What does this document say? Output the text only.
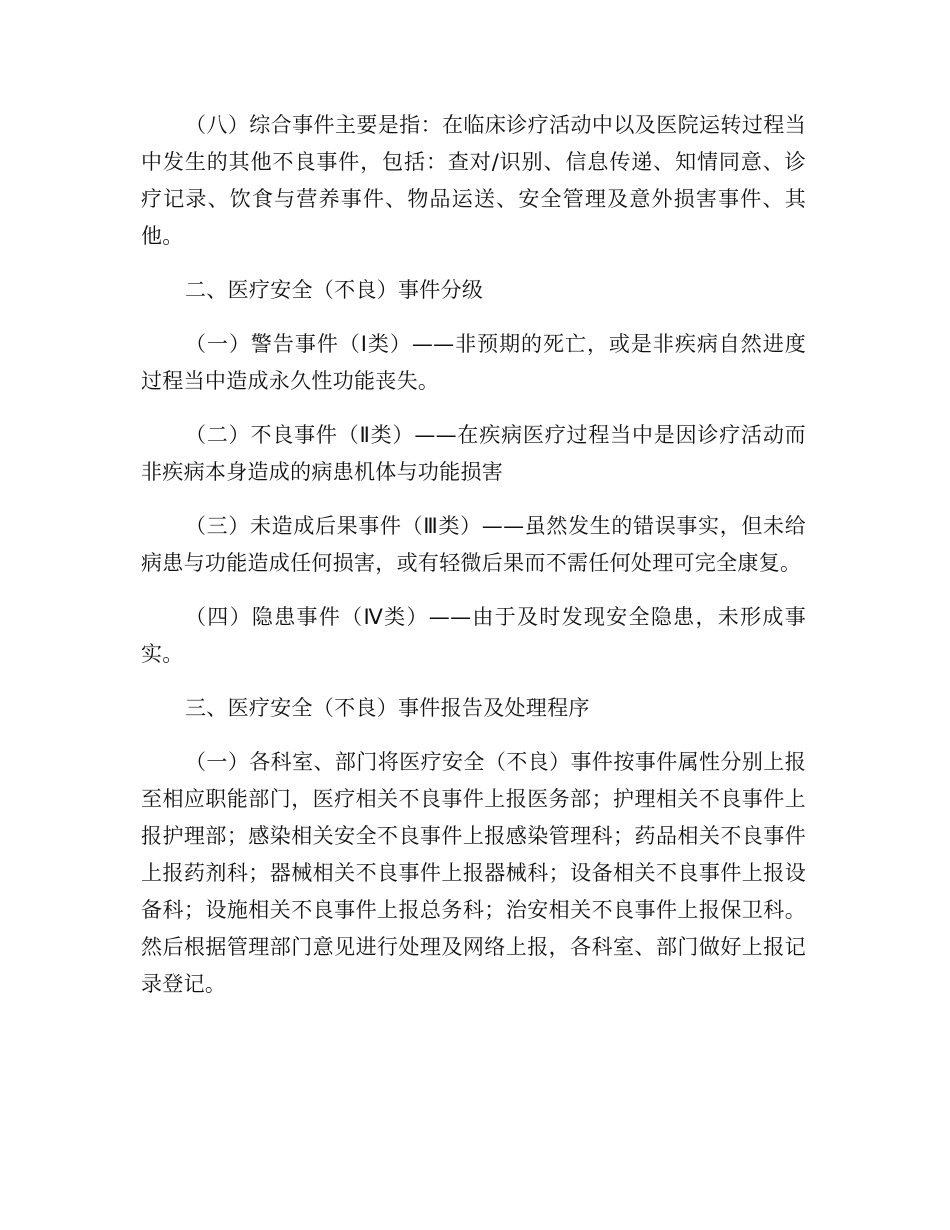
（八）综合事件主要是指：在临床诊疗活动中以及医院运转过程当中发生的其他不良事件，包括：查对/识别、信息传递、知情同意、诊疗记录、饮食与营养事件、物品运送、安全管理及意外损害事件、其他。

二、医疗安全（不良）事件分级

（一）警告事件（Ⅰ类）——非预期的死亡，或是非疾病自然进度过程当中造成永久性功能丧失。

（二）不良事件（Ⅱ类）——在疾病医疗过程当中是因诊疗活动而非疾病本身造成的病患机体与功能损害

（三）未造成后果事件（Ⅲ类）——虽然发生的错误事实，但未给病患与功能造成任何损害，或有轻微后果而不需任何处理可完全康复。

（四）隐患事件（Ⅳ类）——由于及时发现安全隐患，未形成事实。

三、医疗安全（不良）事件报告及处理程序

（一）各科室、部门将医疗安全（不良）事件按事件属性分别上报至相应职能部门，医疗相关不良事件上报医务部；护理相关不良事件上报护理部；感染相关安全不良事件上报感染管理科；药品相关不良事件上报药剂科；器械相关不良事件上报器械科；设备相关不良事件上报设备科；设施相关不良事件上报总务科；治安相关不良事件上报保卫科。然后根据管理部门意见进行处理及网络上报，各科室、部门做好上报记录登记。
